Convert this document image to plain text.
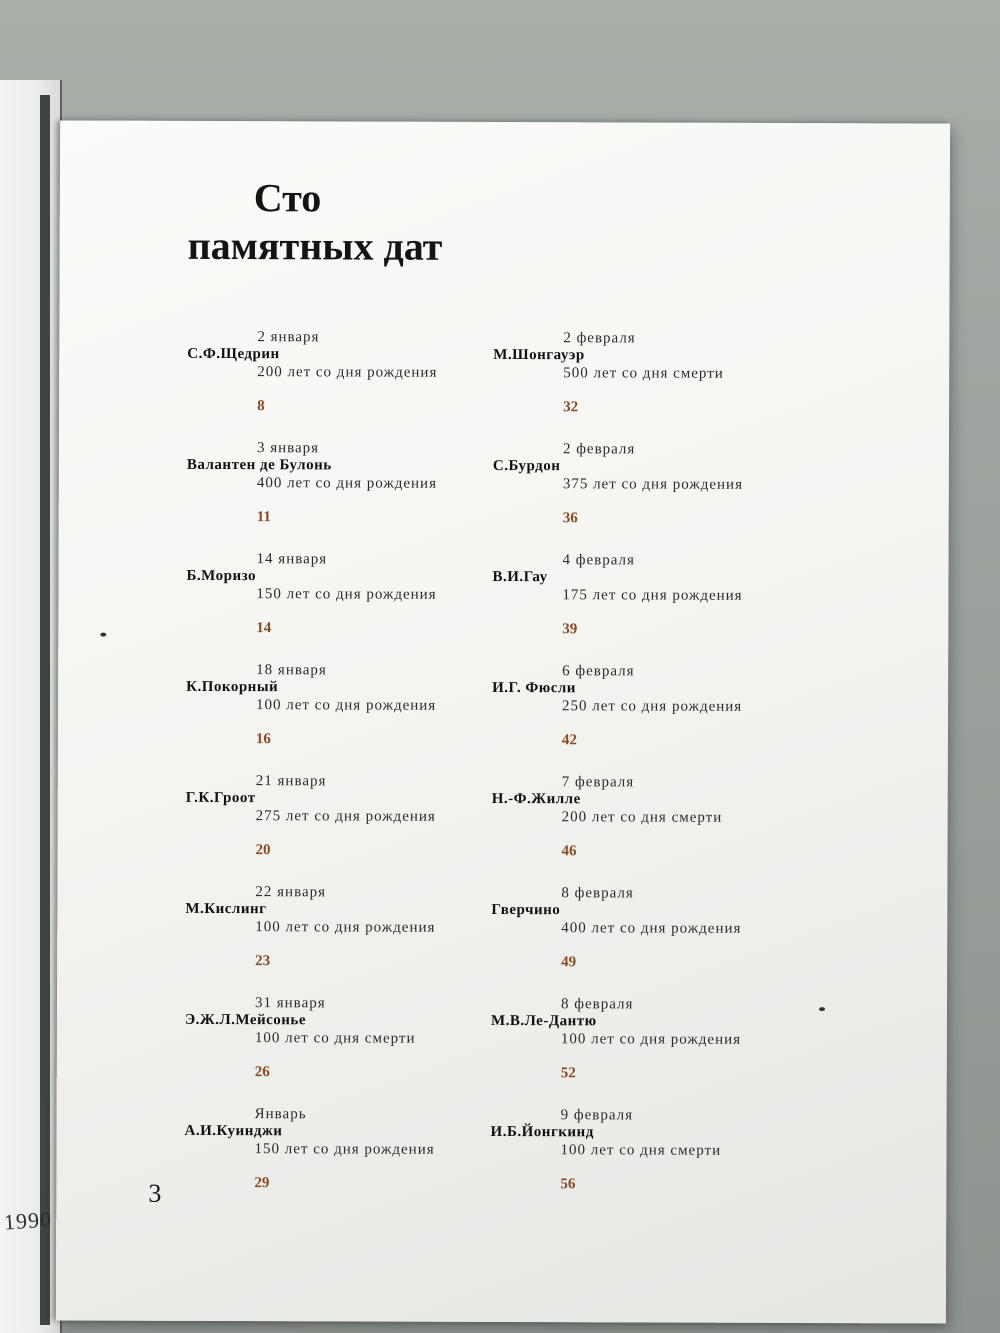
1990
Сто
памятных дат
2 января
С.Ф.Щедрин
200 лет со дня рождения
8
3 января
Валантен де Булонь
400 лет со дня рождения
11
14 января
Б.Моризо
150 лет со дня рождения
14
18 января
К.Покорный
100 лет со дня рождения
16
21 января
Г.К.Гроот
275 лет со дня рождения
20
22 января
М.Кислинг
100 лет со дня рождения
23
31 января
Э.Ж.Л.Мейсонье
100 лет со дня смерти
26
Январь
А.И.Куинджи
150 лет со дня рождения
29
2 февраля
М.Шонгауэр
500 лет со дня смерти
32
2 февраля
С.Бурдон
375 лет со дня рождения
36
4 февраля
В.И.Гау
175 лет со дня рождения
39
6 февраля
И.Г. Фюсли
250 лет со дня рождения
42
7 февраля
Н.-Ф.Жилле
200 лет со дня смерти
46
8 февраля
Гверчино
400 лет со дня рождения
49
8 февраля
М.В.Ле-Дантю
100 лет со дня рождения
52
9 февраля
И.Б.Йонгкинд
100 лет со дня смерти
56
3
